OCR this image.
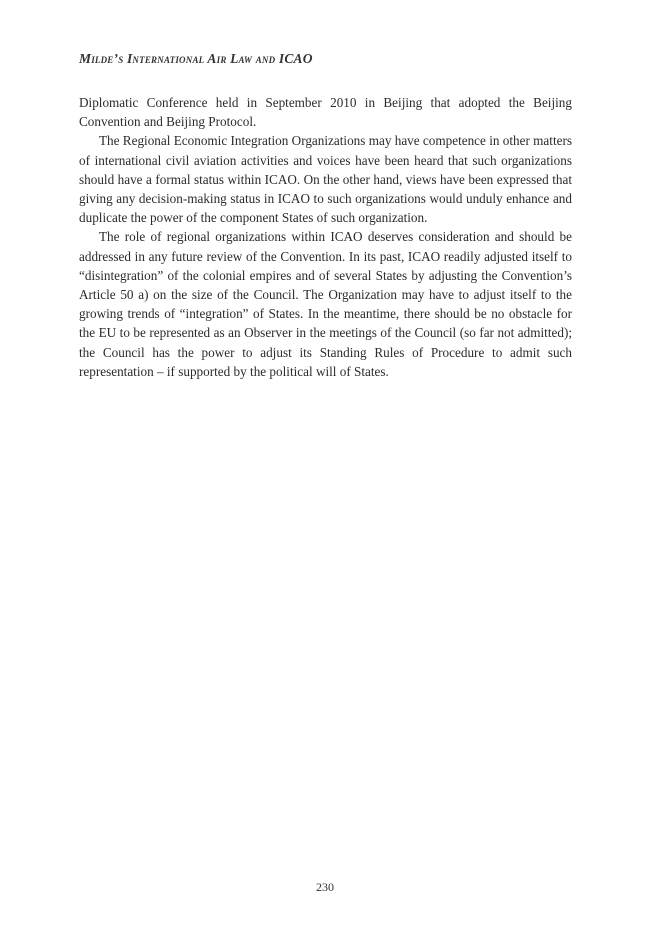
Milde’s International Air Law and ICAO

Diplomatic Conference held in September 2010 in Beijing that adopted the Beijing Convention and Beijing Protocol.

The Regional Economic Integration Organizations may have competence in other matters of international civil aviation activities and voices have been heard that such organizations should have a formal status within ICAO. On the other hand, views have been expressed that giving any decision-making status in ICAO to such organizations would unduly enhance and duplicate the power of the component States of such organization.

The role of regional organizations within ICAO deserves consideration and should be addressed in any future review of the Convention. In its past, ICAO readily adjusted itself to “disintegration” of the colonial empires and of several States by adjusting the Convention’s Article 50 a) on the size of the Council. The Organization may have to adjust itself to the growing trends of “integration” of States. In the meantime, there should be no obstacle for the EU to be represented as an Observer in the meetings of the Council (so far not admitted); the Council has the power to adjust its Standing Rules of Procedure to admit such representation – if supported by the political will of States.

230
